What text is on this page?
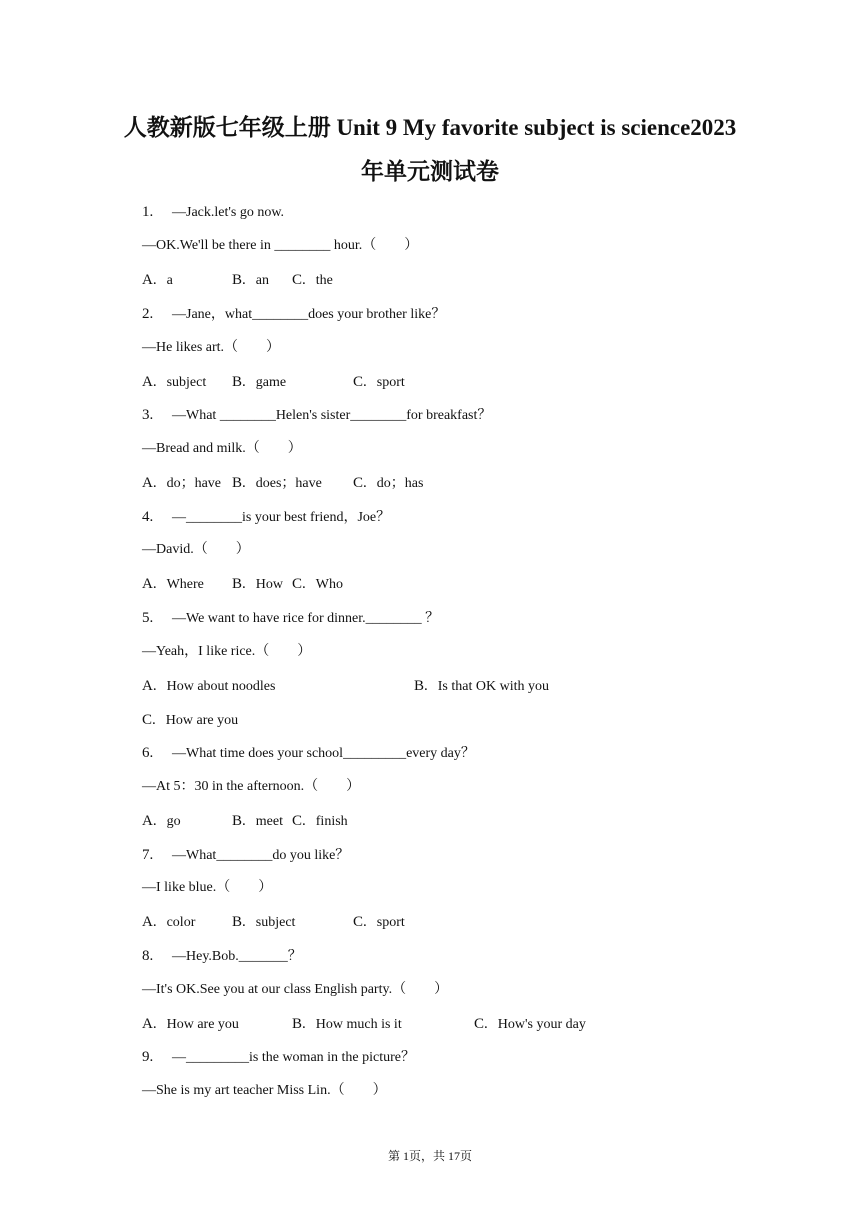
人教新版七年级上册 Unit 9 My favorite subject is science2023
年单元测试卷
1. —Jack.let's go now.
—OK.We'll be there in ________ hour.（　　）
A. a	B. an C. the
2. —Jane，what________does your brother like？
—He likes art.（　　）
A. subject B. game	C. sport
3. —What ________Helen's sister________for breakfast？
—Bread and milk.（　　）
A. do；have B. does；have C. do；has
4. —________is your best friend，Joe？
—David.（　　）
A. Where B. How C. Who
5. —We want to have rice for dinner.________ ？
—Yeah，I like rice.（　　）
A. How about noodles	B. Is that OK with you
C. How are you
6. —What time does your school_________every day？
—At 5：30 in the afternoon.（　　）
A. go	B. meet C. finish
7. —What________do you like？
—I like blue.（　　）
A. color B. subject	C. sport
8. —Hey.Bob._______？
—It's OK.See you at our class English party.（　　）
A. How are you	B. How much is it	C. How's your day
9. —_________is the woman in the picture？
—She is my art teacher Miss Lin.（　　）
第 1页，共 17页
